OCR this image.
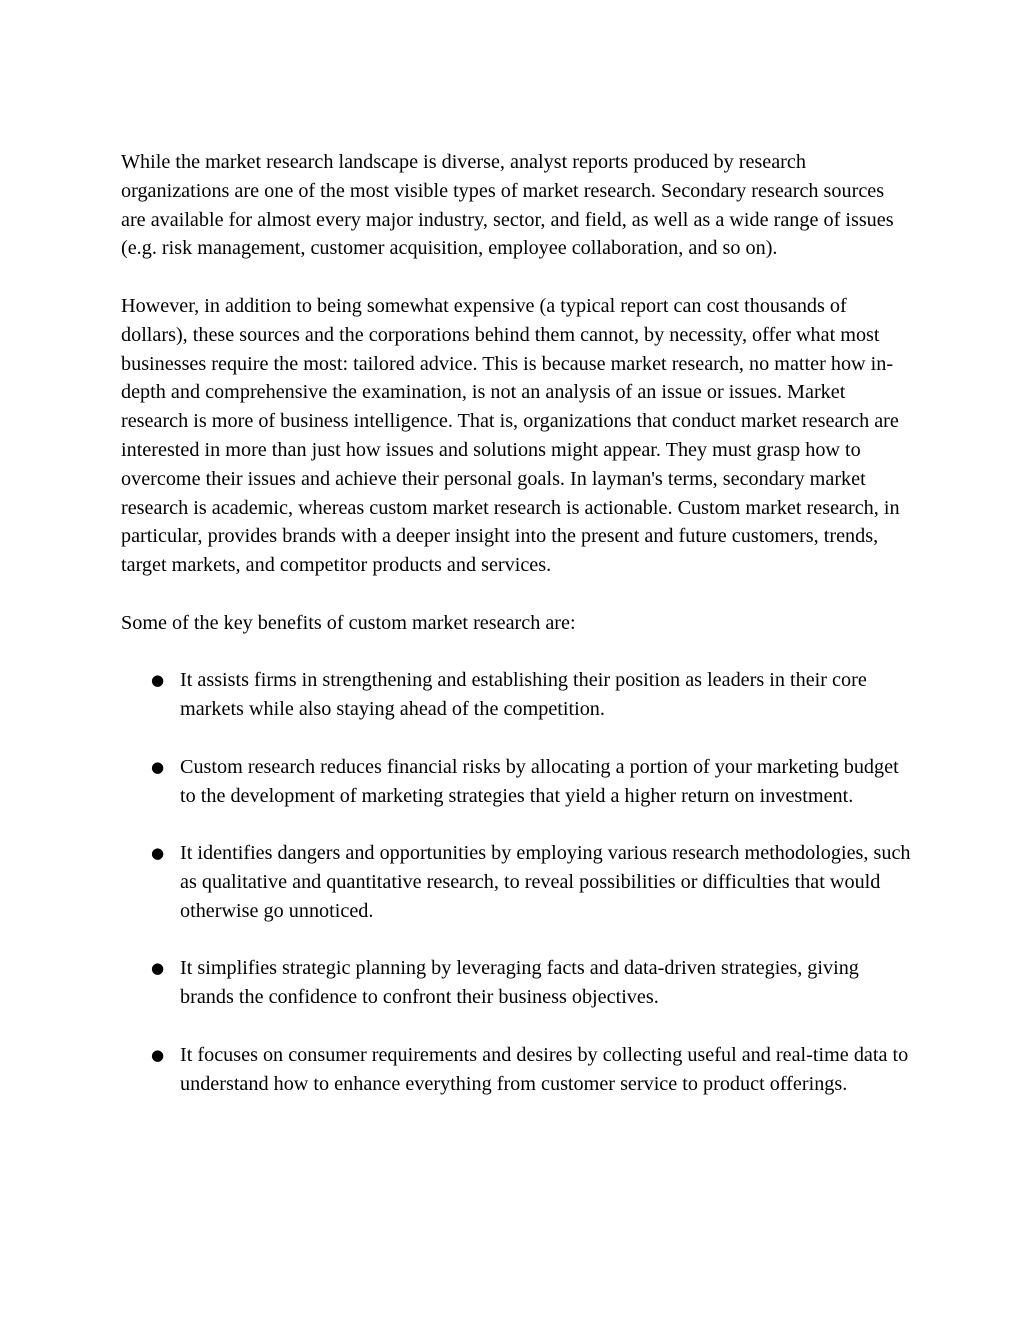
While the market research landscape is diverse, analyst reports produced by research organizations are one of the most visible types of market research. Secondary research sources are available for almost every major industry, sector, and field, as well as a wide range of issues (e.g. risk management, customer acquisition, employee collaboration, and so on).

However, in addition to being somewhat expensive (a typical report can cost thousands of dollars), these sources and the corporations behind them cannot, by necessity, offer what most businesses require the most: tailored advice. This is because market research, no matter how in-depth and comprehensive the examination, is not an analysis of an issue or issues. Market research is more of business intelligence. That is, organizations that conduct market research are interested in more than just how issues and solutions might appear. They must grasp how to overcome their issues and achieve their personal goals. In layman's terms, secondary market research is academic, whereas custom market research is actionable. Custom market research, in particular, provides brands with a deeper insight into the present and future customers, trends, target markets, and competitor products and services.

Some of the key benefits of custom market research are:

● It assists firms in strengthening and establishing their position as leaders in their core markets while also staying ahead of the competition.
● Custom research reduces financial risks by allocating a portion of your marketing budget to the development of marketing strategies that yield a higher return on investment.
● It identifies dangers and opportunities by employing various research methodologies, such as qualitative and quantitative research, to reveal possibilities or difficulties that would otherwise go unnoticed.
● It simplifies strategic planning by leveraging facts and data-driven strategies, giving brands the confidence to confront their business objectives.
● It focuses on consumer requirements and desires by collecting useful and real-time data to understand how to enhance everything from customer service to product offerings.
